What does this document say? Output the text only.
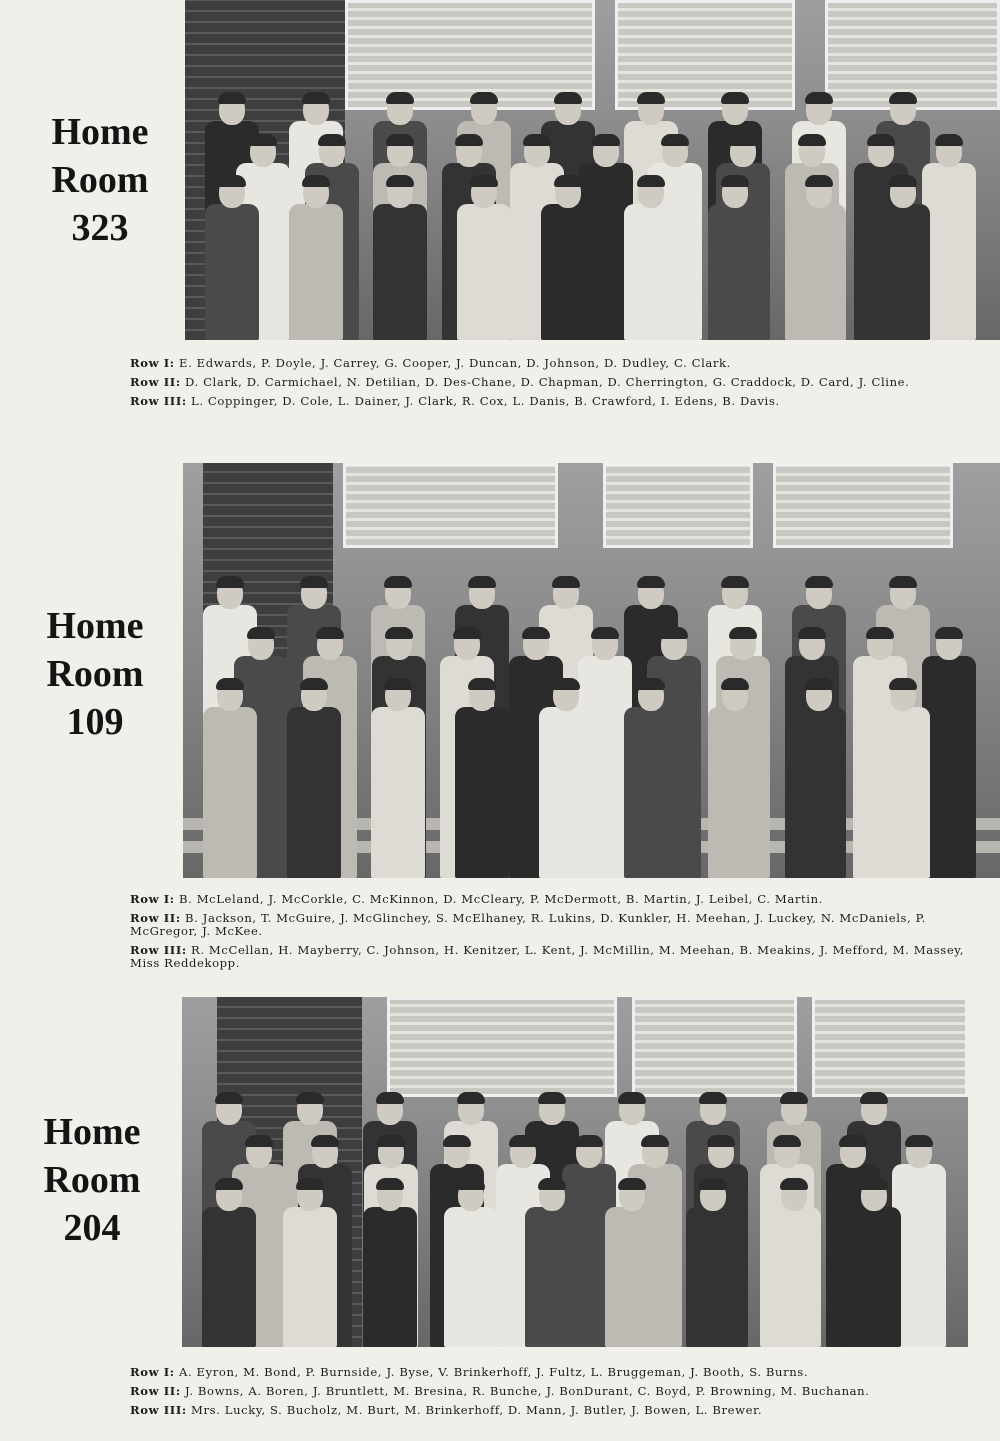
Home
Room
323

Row I: E. Edwards, P. Doyle, J. Carrey, G. Cooper, J. Duncan, D. Johnson, D. Dudley, C. Clark.

Row II: D. Clark, D. Carmichael, N. Detilian, D. Des-Chane, D. Chapman, D. Cherrington, G. Craddock, D. Card, J. Cline.

Row III: L. Coppinger, D. Cole, L. Dainer, J. Clark, R. Cox, L. Danis, B. Crawford, I. Edens, B. Davis.

Home
Room
109

Row I: B. McLeland, J. McCorkle, C. McKinnon, D. McCleary, P. McDermott, B. Martin, J. Leibel, C. Martin.

Row II: B. Jackson, T. McGuire, J. McGlinchey, S. McElhaney, R. Lukins, D. Kunkler, H. Meehan, J. Luckey, N. McDaniels, P. McGregor, J. McKee.

Row III: R. McCellan, H. Mayberry, C. Johnson, H. Kenitzer, L. Kent, J. McMillin, M. Meehan, B. Meakins, J. Mefford, M. Massey, Miss Reddekopp.

Home
Room
204

Row I: A. Eyron, M. Bond, P. Burnside, J. Byse, V. Brinkerhoff, J. Fultz, L. Bruggeman, J. Booth, S. Burns.

Row II: J. Bowns, A. Boren, J. Bruntlett, M. Bresina, R. Bunche, J. BonDurant, C. Boyd, P. Browning, M. Buchanan.

Row III: Mrs. Lucky, S. Bucholz, M. Burt, M. Brinkerhoff, D. Mann, J. Butler, J. Bowen, L. Brewer.
